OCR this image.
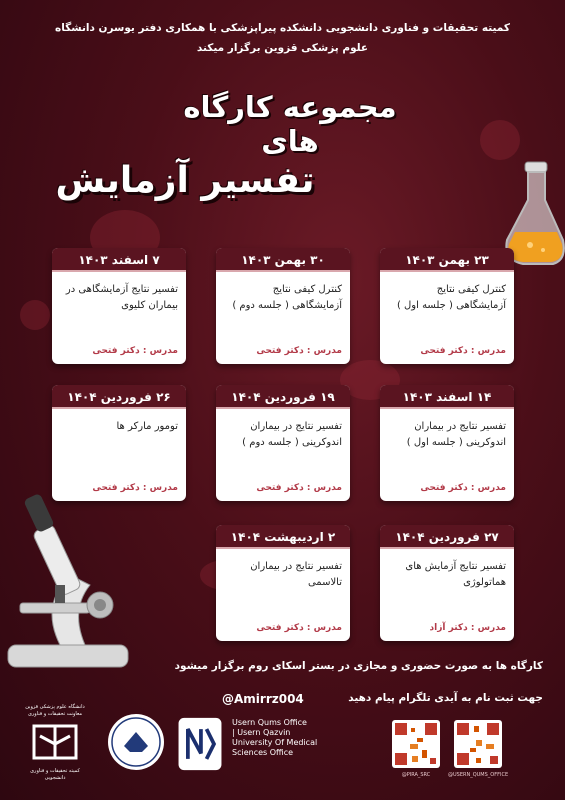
کمیته تحقیقات و فناوری دانشجویی دانشکده پیراپزشکی با همکاری دفتر یوسرن دانشگاه
علوم پزشکی قزوین برگزار میکند
مجموعه کارگاه های
تفسیر آزمایش
۲۳ بهمن ۱۴۰۳
کنترل کیفی نتایج آزمایشگاهی ( جلسه اول )
مدرس : دکتر فتحی
۳۰ بهمن ۱۴۰۳
کنترل کیفی نتایج آزمایشگاهی ( جلسه دوم )
مدرس : دکتر فتحی
۷ اسفند ۱۴۰۳
تفسیر نتایج آزمایشگاهی در بیماران کلیوی
مدرس : دکتر فتحی
۱۴ اسفند ۱۴۰۳
تفسیر نتایج در بیماران اندوکرینی ( جلسه اول )
مدرس : دکتر فتحی
۱۹ فروردین ۱۴۰۴
تفسیر نتایج در بیماران اندوکرینی ( جلسه دوم )
مدرس : دکتر فتحی
۲۶ فروردین ۱۴۰۴
تومور مارکر ها
مدرس : دکتر فتحی
۲۷ فروردین ۱۴۰۴
تفسیر نتایج آزمایش های هماتولوژی
مدرس : دکتر آزاد
۲ اردیبهشت ۱۴۰۴
تفسیر نتایج در بیماران تالاسمی
مدرس : دکتر فتحی
کارگاه ها به صورت حضوری و مجازی در بستر اسکای روم برگزار میشود
جهت ثبت نام به آیدی تلگرام پیام دهید
@Amirrz004
دانشگاه علوم پزشکی قزوین
معاونت تحقیقات و فناوری
کمیته تحقیقات و فناوری
دانشجویی
Usern Qums Office
| Usern Qazvin
University Of Medical
Sciences Office
@PIRA_SRC	@USERN_QUMS_OFFICE
